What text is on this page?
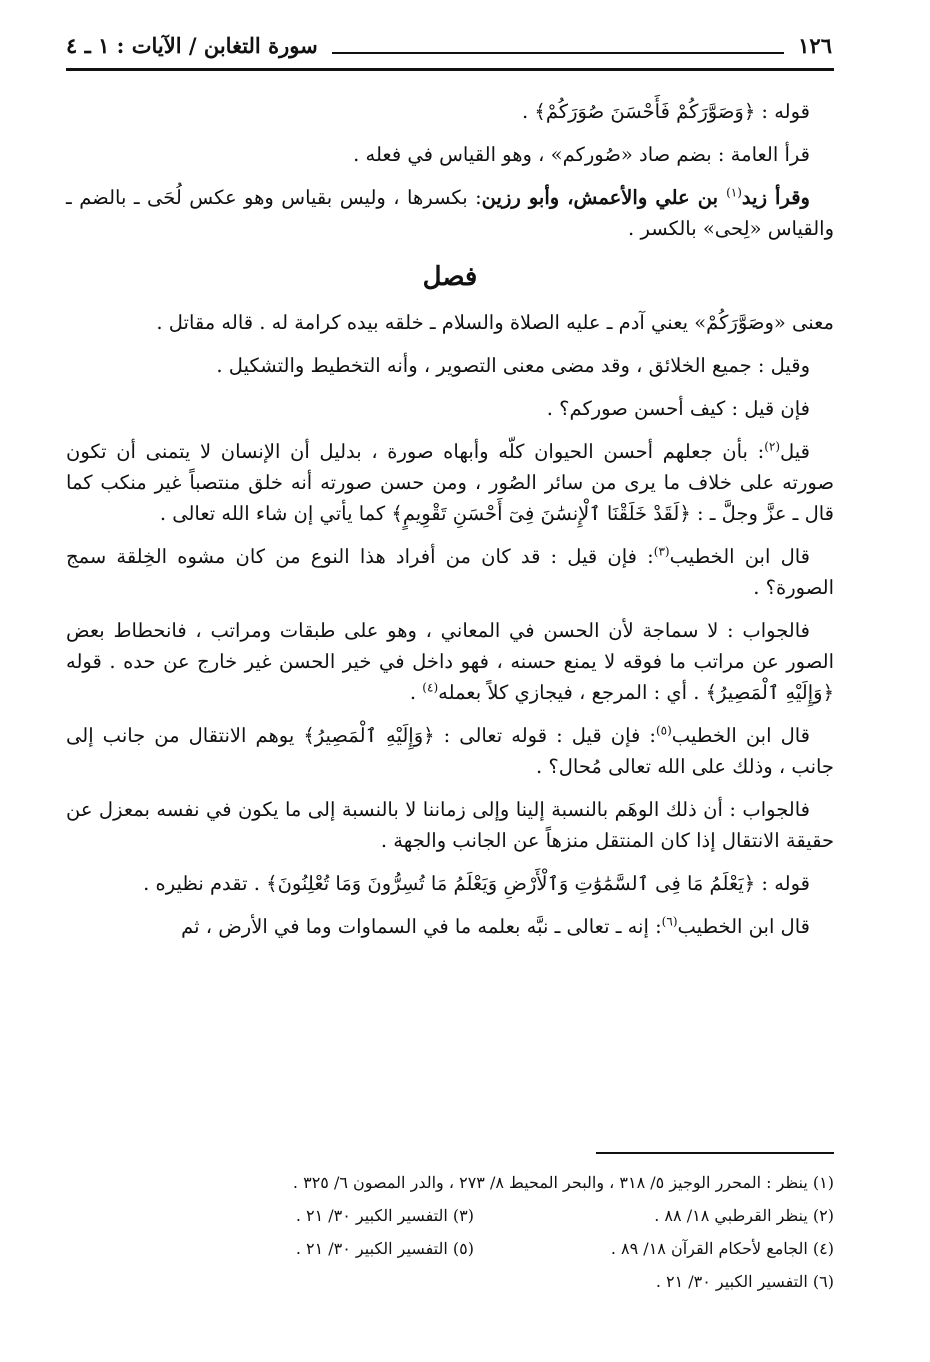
١٢٦
سورة التغابن / الآيات : ١ ـ ٤

قوله : ﴿وَصَوَّرَكُمْ فَأَحْسَنَ صُوَرَكُمْ﴾ .

قرأ العامة : بضم صاد «صُوركم» ، وهو القياس في فعله .

وقرأ زيد$^{(١)}$ بن علي والأعمش، وأبو رزين: بكسرها ، وليس بقياس وهو عكس لُحَى ـ بالضم ـ والقياس «لِحى» بالكسر .

فصل

معنى «وصَوَّرَكُمْ» يعني آدم ـ عليه الصلاة والسلام ـ خلقه بيده كرامة له . قاله مقاتل .

وقيل : جميع الخلائق ، وقد مضى معنى التصوير ، وأنه التخطيط والتشكيل .

فإن قيل : كيف أحسن صوركم؟ .

قيل$^{(٢)}$: بأن جعلهم أحسن الحيوان كلّه وأبهاه صورة ، بدليل أن الإنسان لا يتمنى أن تكون صورته على خلاف ما يرى من سائر الصُور ، ومن حسن صورته أنه خلق منتصباً غير منكب كما قال ـ عزَّ وجلَّ ـ : ﴿لَقَدْ خَلَقْنَا ٱلْإِنسَٰنَ فِىٓ أَحْسَنِ تَقْوِيمٍ﴾ كما يأتي إن شاء الله تعالى .

قال ابن الخطيب$^{(٣)}$: فإن قيل : قد كان من أفراد هذا النوع من كان مشوه الخِلقة سمج الصورة؟ .

فالجواب : لا سماجة لأن الحسن في المعاني ، وهو على طبقات ومراتب ، فانحطاط بعض الصور عن مراتب ما فوقه لا يمنع حسنه ، فهو داخل في خير الحسن غير خارج عن حده . قوله ﴿وَإِلَيْهِ ٱلْمَصِيرُ﴾ . أي : المرجع ، فيجازي كلاً بعمله$^{(٤)}$ .

قال ابن الخطيب$^{(٥)}$: فإن قيل : قوله تعالى : ﴿وَإِلَيْهِ ٱلْمَصِيرُ﴾ يوهم الانتقال من جانب إلى جانب ، وذلك على الله تعالى مُحال؟ .

فالجواب : أن ذلك الوهَم بالنسبة إلينا وإلى زماننا لا بالنسبة إلى ما يكون في نفسه بمعزل عن حقيقة الانتقال إذا كان المنتقل منزهاً عن الجانب والجهة .

قوله : ﴿يَعْلَمُ مَا فِى ٱلسَّمَٰوَٰتِ وَٱلْأَرْضِ وَيَعْلَمُ مَا تُسِرُّونَ وَمَا تُعْلِنُونَ﴾ . تقدم نظيره .

قال ابن الخطيب$^{(٦)}$: إنه ـ تعالى ـ نبَّه بعلمه ما في السماوات وما في الأرض ، ثم

(١) ينظر : المحرر الوجيز ٥/ ٣١٨ ، والبحر المحيط ٨/ ٢٧٣ ، والدر المصون ٦/ ٣٢٥ .
(٢) ينظر القرطبي ١٨/ ٨٨ .
(٣) التفسير الكبير ٣٠/ ٢١ .
(٤) الجامع لأحكام القرآن ١٨/ ٨٩ .
(٥) التفسير الكبير ٣٠/ ٢١ .
(٦) التفسير الكبير ٣٠/ ٢١ .
